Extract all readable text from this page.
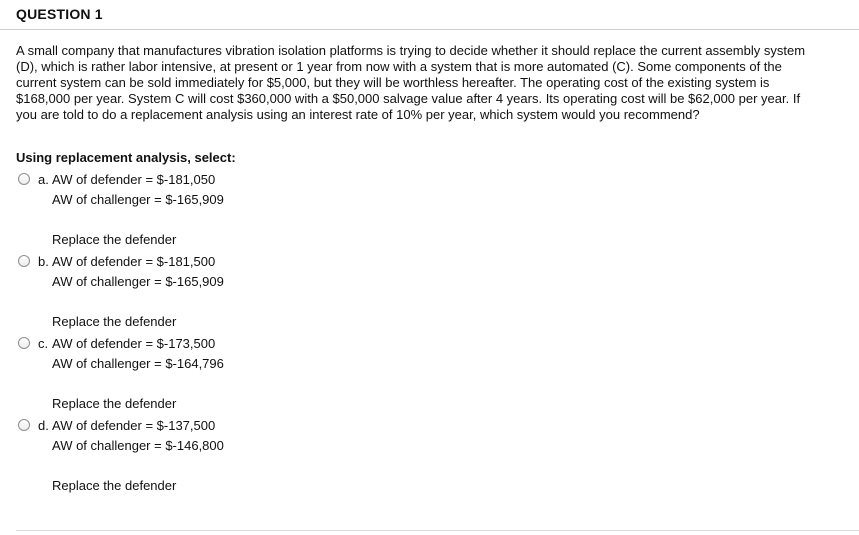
QUESTION 1
A small company that manufactures vibration isolation platforms is trying to decide whether it should replace the current assembly system (D), which is rather labor intensive, at present or 1 year from now with a system that is more automated (C). Some components of the current system can be sold immediately for $5,000, but they will be worthless hereafter. The operating cost of the existing system is $168,000 per year. System C will cost $360,000 with a $50,000 salvage value after 4 years. Its operating cost will be $62,000 per year. If you are told to do a replacement analysis using an interest rate of 10% per year, which system would you recommend?
Using replacement analysis, select:
a. AW of defender = $-181,050
AW of challenger = $-165,909
Replace the defender
b. AW of defender = $-181,500
AW of challenger = $-165,909
Replace the defender
c. AW of defender = $-173,500
AW of challenger = $-164,796
Replace the defender
d. AW of defender = $-137,500
AW of challenger = $-146,800
Replace the defender
